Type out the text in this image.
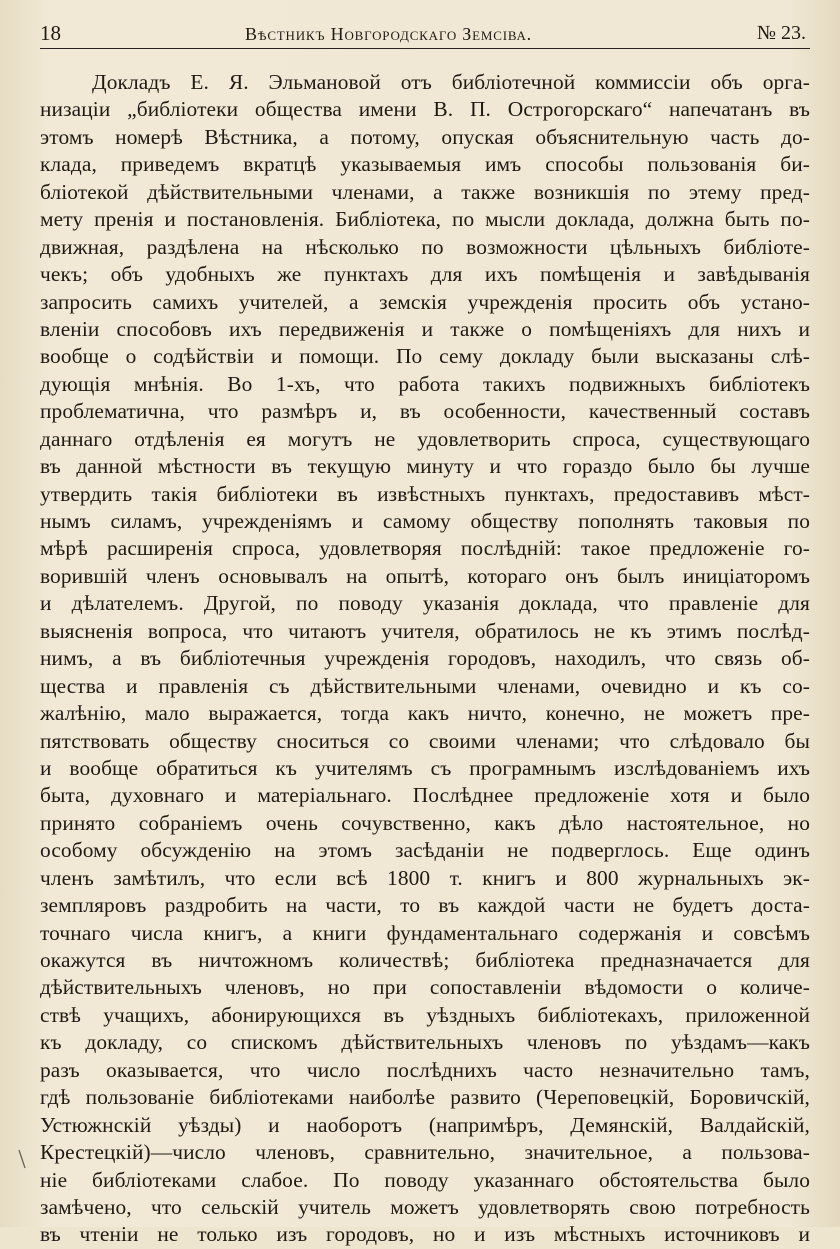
18	Вѣстникъ Новгородскаго Земсіва.	№ 23.
Докладъ Е. Я. Эльмановой отъ библіотечной коммиссіи объ орга-
низаціи „библіотеки общества имени В. П. Острогорскаго“ напечатанъ въ
этомъ номерѣ Вѣстника, а потому, опуская объяснительную часть до-
клада, приведемъ вкратцѣ указываемыя имъ способы пользованія би-
бліотекой дѣйствительными членами, а также возникшія по этему пред-
мету пренія и постановленія. Библіотека, по мысли доклада, должна быть по-
движная, раздѣлена на нѣсколько по возможности цѣльныхъ библіоте-
чекъ; объ удобныхъ же пунктахъ для ихъ помѣщенія и завѣдыванія
запросить самихъ учителей, а земскія учрежденія просить объ устано-
вленіи способовъ ихъ передвиженія и также о помѣщеніяхъ для нихъ и
вообще о содѣйствіи и помощи. По сему докладу были высказаны слѣ-
дующія мнѣнія. Во 1-хъ, что работа такихъ подвижныхъ библіотекъ
проблематична, что размѣръ и, въ особенности, качественный составъ
даннаго отдѣленія ея могутъ не удовлетворить спроса, существующаго
въ данной мѣстности въ текущую минуту и что гораздо было бы лучше
утвердить такія библіотеки въ извѣстныхъ пунктахъ, предоставивъ мѣст-
нымъ силамъ, учрежденіямъ и самому обществу пополнять таковыя по
мѣрѣ расширенія спроса, удовлетворяя послѣдній: такое предложеніе го-
ворившій членъ основывалъ на опытѣ, котораго онъ былъ иниціаторомъ
и дѣлателемъ. Другой, по поводу указанія доклада, что правленіе для
выясненія вопроса, что читаютъ учителя, обратилось не къ этимъ послѣд-
нимъ, а въ библіотечныя учрежденія городовъ, находилъ, что связь об-
щества и правленія съ дѣйствительными членами, очевидно и къ со-
жалѣнію, мало выражается, тогда какъ ничто, конечно, не можетъ пре-
пятствовать обществу сноситься со своими членами; что слѣдовало бы
и вообще обратиться къ учителямъ съ програмнымъ изслѣдованіемъ ихъ
быта, духовнаго и матеріальнаго. Послѣднее предложеніе хотя и было
принято собраніемъ очень сочувственно, какъ дѣло настоятельное, но
особому обсужденію на этомъ засѣданіи не подверглось. Еще одинъ
членъ замѣтилъ, что если всѣ 1800 т. книгъ и 800 журнальныхъ эк-
земпляровъ раздробить на части, то въ каждой части не будетъ доста-
точнаго числа книгъ, а книги фундаментальнаго содержанія и совсѣмъ
окажутся въ ничтожномъ количествѣ; библіотека предназначается для
дѣйствительныхъ членовъ, но при сопоставленіи вѣдомости о количе-
ствѣ учащихъ, абонирующихся въ уѣздныхъ библіотекахъ, приложенной
къ докладу, со спискомъ дѣйствительныхъ членовъ по уѣздамъ—какъ
разъ оказывается, что число послѣднихъ часто незначительно тамъ,
гдѣ пользованіе библіотеками наиболѣе развито (Череповецкій, Боровичскій,
Устюжнскій уѣзды) и наоборотъ (напримѣръ, Демянскій, Валдайскій,
Крестецкій)—число членовъ, сравнительно, значительное, а пользова-
ніе библіотеками слабое. По поводу указаннаго обстоятельства было
замѣчено, что сельскій учитель можетъ удовлетворять свою потребность
въ чтеніи не только изъ городовъ, но и изъ мѣстныхъ источниковъ и
